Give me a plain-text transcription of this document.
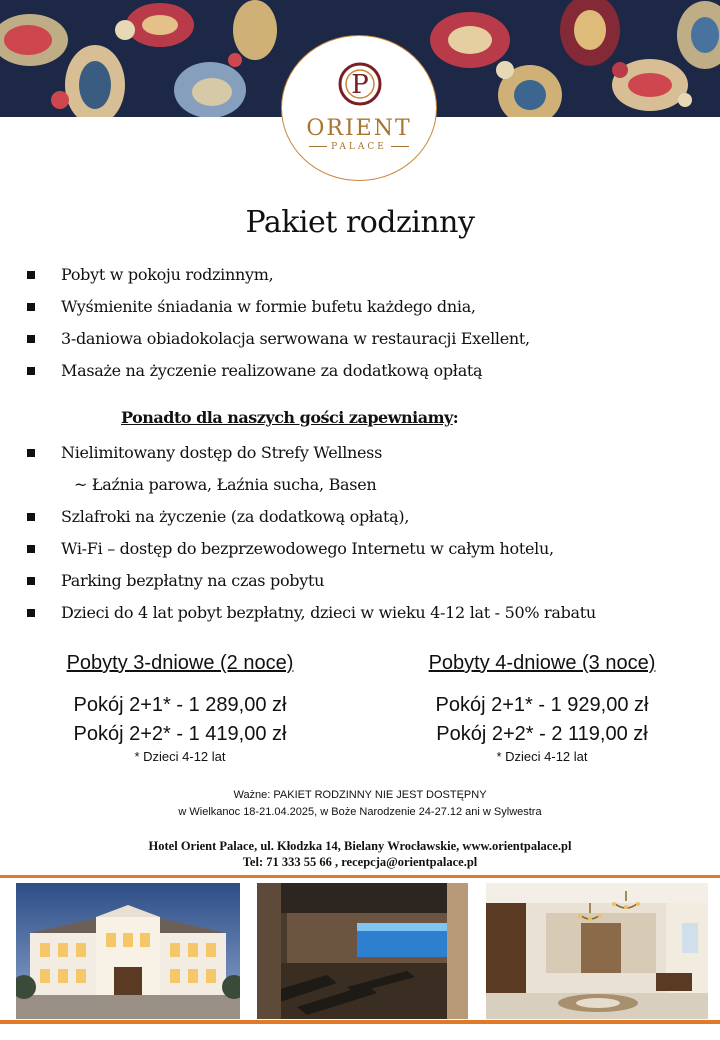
P
ORIENT
PALACE
Pakiet rodzinny
Pobyt w pokoju rodzinnym,
Wyśmienite śniadania w formie bufetu każdego dnia,
3-daniowa obiadokolacja serwowana w restauracji Exellent,
Masaże na życzenie realizowane za dodatkową opłatą
Ponadto dla naszych gości zapewniamy:
Nielimitowany dostęp do Strefy Wellness
~ Łaźnia parowa, Łaźnia sucha, Basen
Szlafroki na życzenie (za dodatkową opłatą),
Wi-Fi – dostęp do bezprzewodowego Internetu w całym hotelu,
Parking bezpłatny na czas pobytu
Dzieci do 4 lat pobyt bezpłatny, dzieci w wieku 4-12 lat - 50% rabatu
Pobyty 3-dniowe (2 noce)
Pokój 2+1* - 1 289,00 zł
Pokój 2+2* - 1 419,00 zł
* Dzieci 4-12 lat
Pobyty 4-dniowe (3 noce)
Pokój 2+1* - 1 929,00 zł
Pokój 2+2* - 2 119,00 zł
* Dzieci 4-12 lat
Ważne: PAKIET RODZINNY NIE JEST DOSTĘPNY
w Wielkanoc 18-21.04.2025, w Boże Narodzenie 24-27.12 ani w Sylwestra
Hotel Orient Palace, ul. Kłodzka 14, Bielany Wrocławskie, www.orientpalace.pl
Tel: 71 333 55 66 , recepcja@orientpalace.pl
